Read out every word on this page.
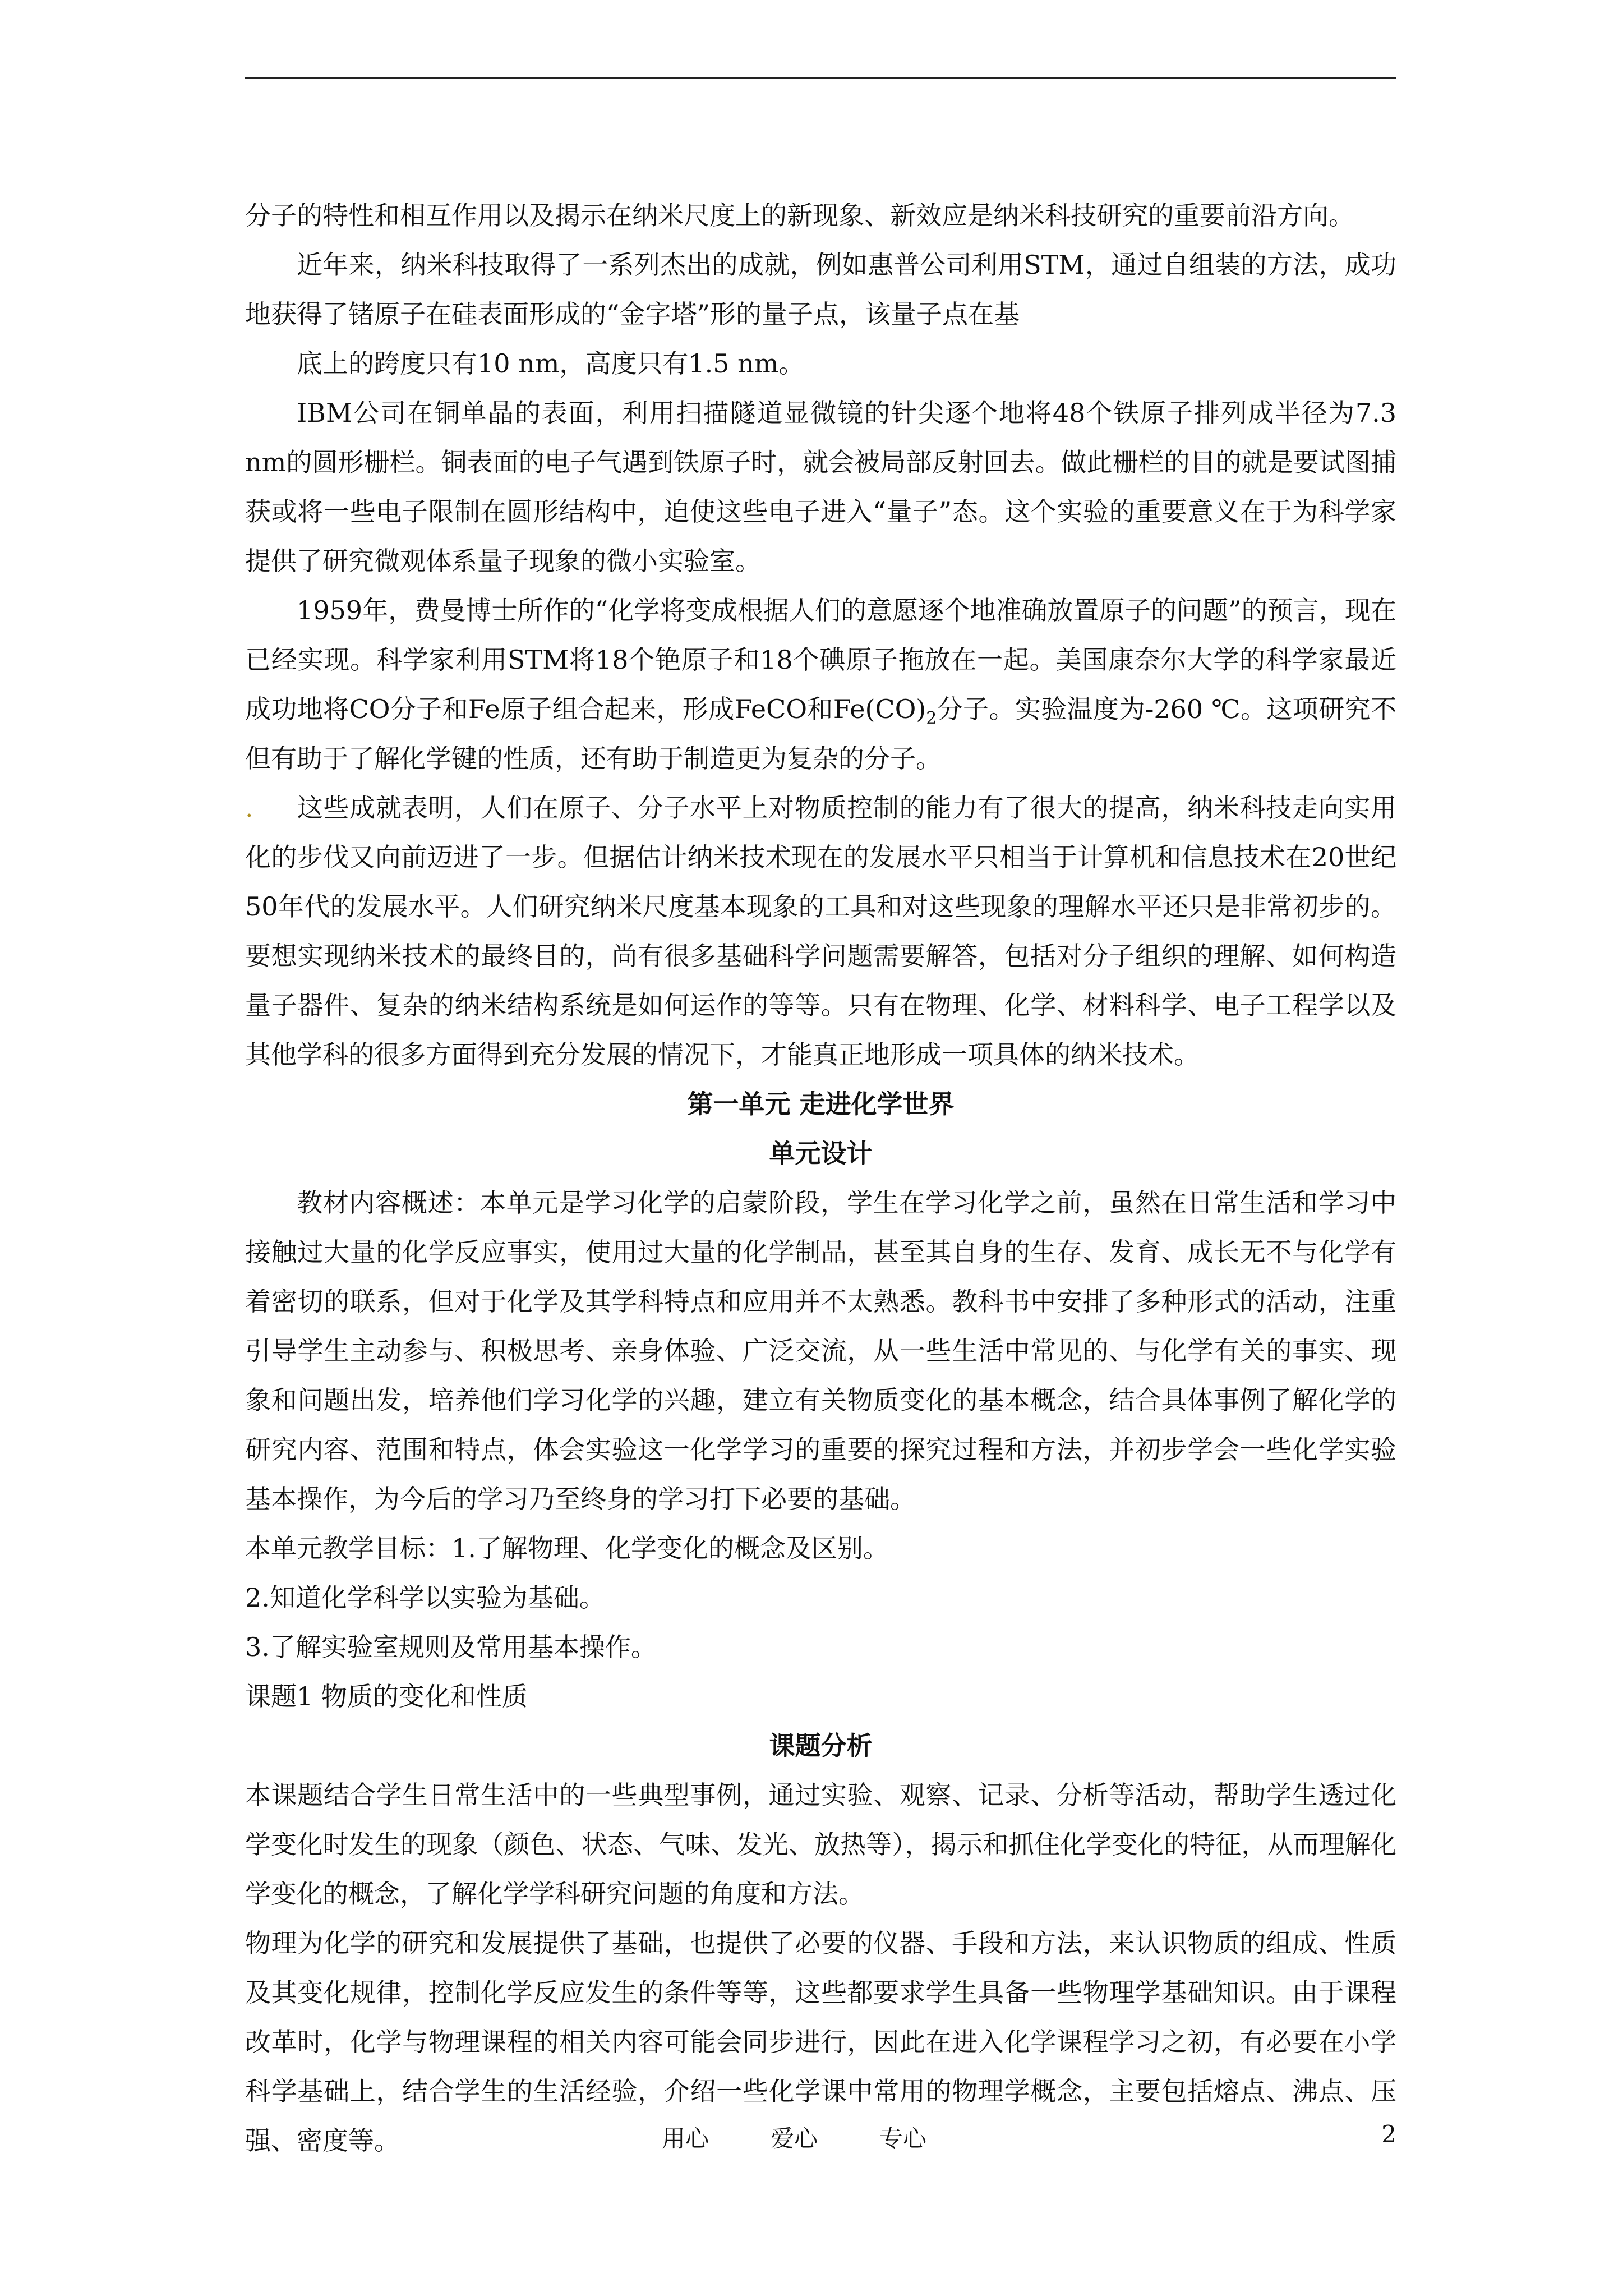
分子的特性和相互作用以及揭示在纳米尺度上的新现象、新效应是纳米科技研究的重要前沿方向。

近年来，纳米科技取得了一系列杰出的成就，例如惠普公司利用STM，通过自组装的方法，成功地获得了锗原子在硅表面形成的“金字塔”形的量子点，该量子点在基

底上的跨度只有10 nm，高度只有1.5 nm。

IBM公司在铜单晶的表面，利用扫描隧道显微镜的针尖逐个地将48个铁原子排列成半径为7.3 nm的圆形栅栏。铜表面的电子气遇到铁原子时，就会被局部反射回去。做此栅栏的目的就是要试图捕获或将一些电子限制在圆形结构中，迫使这些电子进入“量子”态。这个实验的重要意义在于为科学家提供了研究微观体系量子现象的微小实验室。

1959年，费曼博士所作的“化学将变成根据人们的意愿逐个地准确放置原子的问题”的预言，现在已经实现。科学家利用STM将18个铯原子和18个碘原子拖放在一起。美国康奈尔大学的科学家最近成功地将CO分子和Fe原子组合起来，形成FeCO和$Fe(CO)_2$分子。实验温度为-260 ℃。这项研究不但有助于了解化学键的性质，还有助于制造更为复杂的分子。

. 这些成就表明，人们在原子、分子水平上对物质控制的能力有了很大的提高，纳米科技走向实用化的步伐又向前迈进了一步。但据估计纳米技术现在的发展水平只相当于计算机和信息技术在20世纪50年代的发展水平。人们研究纳米尺度基本现象的工具和对这些现象的理解水平还只是非常初步的。要想实现纳米技术的最终目的，尚有很多基础科学问题需要解答，包括对分子组织的理解、如何构造量子器件、复杂的纳米结构系统是如何运作的等等。只有在物理、化学、材料科学、电子工程学以及其他学科的很多方面得到充分发展的情况下，才能真正地形成一项具体的纳米技术。

第一单元 走进化学世界

单元设计

教材内容概述：本单元是学习化学的启蒙阶段，学生在学习化学之前，虽然在日常生活和学习中接触过大量的化学反应事实，使用过大量的化学制品，甚至其自身的生存、发育、成长无不与化学有着密切的联系，但对于化学及其学科特点和应用并不太熟悉。教科书中安排了多种形式的活动，注重引导学生主动参与、积极思考、亲身体验、广泛交流，从一些生活中常见的、与化学有关的事实、现象和问题出发，培养他们学习化学的兴趣，建立有关物质变化的基本概念，结合具体事例了解化学的研究内容、范围和特点，体会实验这一化学学习的重要的探究过程和方法，并初步学会一些化学实验基本操作，为今后的学习乃至终身的学习打下必要的基础。

本单元教学目标：1.了解物理、化学变化的概念及区别。

2.知道化学科学以实验为基础。

3.了解实验室规则及常用基本操作。

课题1 物质的变化和性质

课题分析

本课题结合学生日常生活中的一些典型事例，通过实验、观察、记录、分析等活动，帮助学生透过化学变化时发生的现象（颜色、状态、气味、发光、放热等），揭示和抓住化学变化的特征，从而理解化学变化的概念，了解化学学科研究问题的角度和方法。

物理为化学的研究和发展提供了基础，也提供了必要的仪器、手段和方法，来认识物质的组成、性质及其变化规律，控制化学反应发生的条件等等，这些都要求学生具备一些物理学基础知识。由于课程改革时，化学与物理课程的相关内容可能会同步进行，因此在进入化学课程学习之初，有必要在小学科学基础上，结合学生的生活经验，介绍一些化学课中常用的物理学概念，主要包括熔点、沸点、压强、密度等。	用心	爱心	专心	2
